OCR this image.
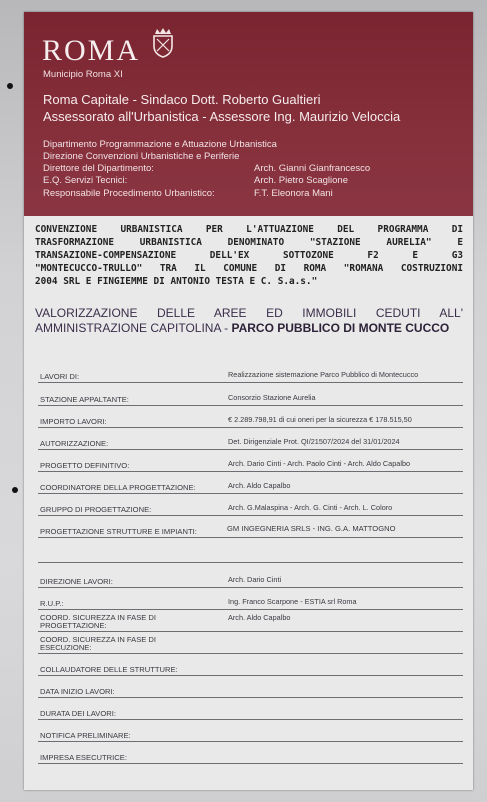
ROMA
Municipio Roma XI
Roma Capitale - Sindaco Dott. Roberto Gualtieri
Assessorato all'Urbanistica - Assessore Ing. Maurizio Veloccia
Dipartimento Programmazione e Attuazione Urbanistica
Direzione Convenzioni Urbanistiche e Periferie
Direttore del Dipartimento:	Arch. Gianni Gianfrancesco
E.Q. Servizi Tecnici:	Arch. Pietro Scaglione
Responsabile Procedimento Urbanistico:	F.T. Eleonora Mani
CONVENZIONE URBANISTICA PER L'ATTUAZIONE DEL PROGRAMMA DI
TRASFORMAZIONE URBANISTICA DENOMINATO "STAZIONE AURELIA" E
TRANSAZIONE-COMPENSAZIONE DELL'EX SOTTOZONE F2 E G3
"MONTECUCCO-TRULLO" TRA IL COMUNE DI ROMA "ROMANA COSTRUZIONI
2004 SRL E FINGIEMME DI ANTONIO TESTA E C. S.a.s."
VALORIZZAZIONE DELLE AREE ED IMMOBILI CEDUTI ALL'
AMMINISTRAZIONE CAPITOLINA - PARCO PUBBLICO DI MONTE CUCCO
LAVORI DI:	Realizzazione sistemazione Parco Pubblico di Montecucco
STAZIONE APPALTANTE:	Consorzio Stazione Aurelia
IMPORTO LAVORI:	€ 2.289.798,91 di cui oneri per la sicurezza € 178.515,50
AUTORIZZAZIONE:	Det. Dirigenziale Prot. QI/21507/2024 del 31/01/2024
PROGETTO DEFINITIVO:	Arch. Dario Cinti - Arch. Paolo Cinti - Arch. Aldo Capalbo
COORDINATORE DELLA PROGETTAZIONE:	Arch. Aldo Capalbo
GRUPPO DI PROGETTAZIONE:	Arch. G.Malaspina - Arch. G. Cinti - Arch. L. Coloro
PROGETTAZIONE STRUTTURE E IMPIANTI:	GM INGEGNERIA SRLS - ING. G.A. MATTOGNO
DIREZIONE LAVORI:	Arch. Dario Cinti
R.U.P.:	Ing. Franco Scarpone - ESTIA srl Roma
COORD. SICUREZZA IN FASE DI
PROGETTAZIONE:
Arch. Aldo Capalbo
COORD. SICUREZZA IN FASE DI
ESECUZIONE:
COLLAUDATORE DELLE STRUTTURE:
DATA INIZIO LAVORI:
DURATA DEI LAVORI:
NOTIFICA PRELIMINARE:
IMPRESA ESECUTRICE:
